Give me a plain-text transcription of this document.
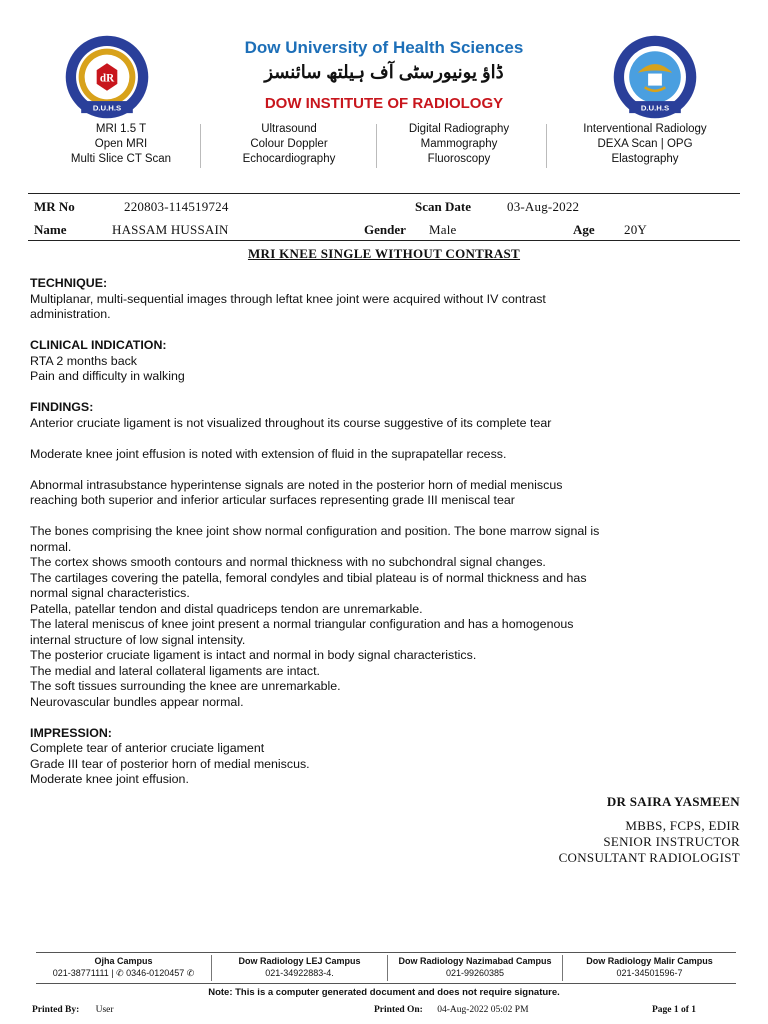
dR
D.U.H.S	D.U.H.S
Dow University of Health Sciences
ڈاؤ یونیورسٹی آف ہیلتھ سائنسز
DOW INSTITUTE OF RADIOLOGY
MRI 1.5 T
Open MRI
Multi Slice CT Scan
Ultrasound
Colour Doppler
Echocardiography
Digital Radiography
Mammography
Fluoroscopy
Interventional Radiology
DEXA Scan | OPG
Elastography
MR No	220803-114519724	Scan Date	03-Aug-2022
Name	HASSAM HUSSAIN	Gender Male	Age 20Y
MRI KNEE SINGLE WITHOUT CONTRAST

TECHNIQUE:

Multiplanar, multi-sequential images through leftat knee joint were acquired without IV contrast
administration.

CLINICAL INDICATION:

RTA 2 months back
Pain and difficulty in walking

FINDINGS:

Anterior cruciate ligament is not visualized throughout its course suggestive of its complete tear

Moderate knee joint effusion is noted with extension of fluid in the suprapatellar recess.

Abnormal intrasubstance hyperintense signals are noted in the posterior horn of medial meniscus
reaching both superior and inferior articular surfaces representing grade III meniscal tear

The bones comprising the knee joint show normal configuration and position. The bone marrow signal is
normal.
The cortex shows smooth contours and normal thickness with no subchondral signal changes.
The cartilages covering the patella, femoral condyles and tibial plateau is of normal thickness and has
normal signal characteristics.
Patella, patellar tendon and distal quadriceps tendon are unremarkable.
The lateral meniscus of knee joint present a normal triangular configuration and has a homogenous
internal structure of low signal intensity.
The posterior cruciate ligament is intact and normal in body signal characteristics.
The medial and lateral collateral ligaments are intact.
The soft tissues surrounding the knee are unremarkable.
Neurovascular bundles appear normal.

IMPRESSION:

Complete tear of anterior cruciate ligament
Grade III tear of posterior horn of medial meniscus.
Moderate knee joint effusion.

DR SAIRA YASMEEN
MBBS, FCPS, EDIR
SENIOR INSTRUCTOR
CONSULTANT RADIOLOGIST
Ojha Campus
021-38771111 | ✆ 0346-0120457 ✆
Dow Radiology LEJ Campus
021-34922883-4.
Dow Radiology Nazimabad Campus
021-99260385
Dow Radiology Malir Campus
021-34501596-7
Note: This is a computer generated document and does not require signature.
Printed By: User	Printed On: 04-Aug-2022 05:02 PM	Page 1 of 1
